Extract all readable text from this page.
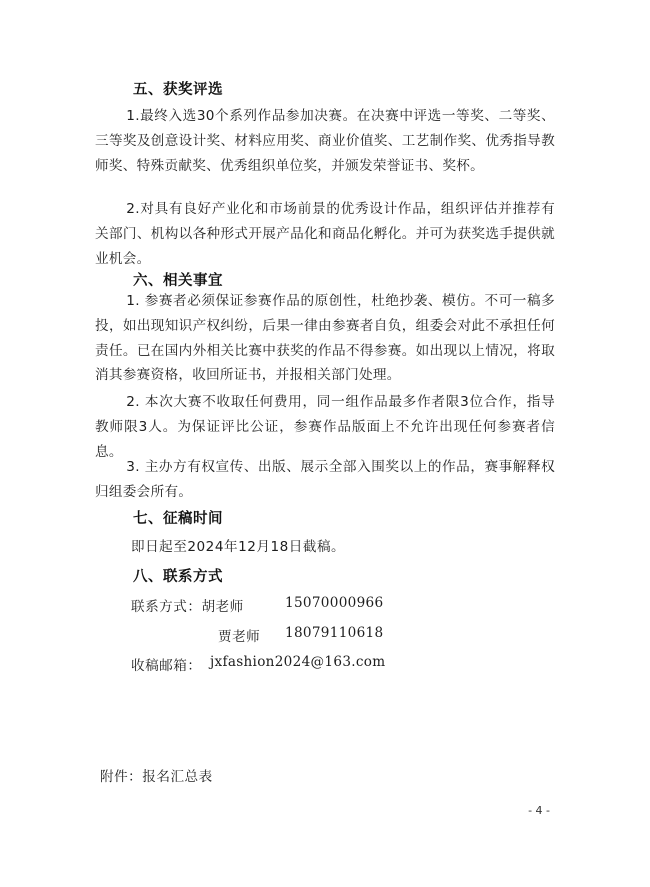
五、获奖评选
1.最终入选30个系列作品参加决赛。在决赛中评选一等奖、二等奖、三等奖及创意设计奖、材料应用奖、商业价值奖、工艺制作奖、优秀指导教师奖、特殊贡献奖、优秀组织单位奖，并颁发荣誉证书、奖杯。
2.对具有良好产业化和市场前景的优秀设计作品，组织评估并推荐有关部门、机构以各种形式开展产品化和商品化孵化。并可为获奖选手提供就业机会。
六、相关事宜
1. 参赛者必须保证参赛作品的原创性，杜绝抄袭、模仿。不可一稿多投，如出现知识产权纠纷，后果一律由参赛者自负，组委会对此不承担任何责任。已在国内外相关比赛中获奖的作品不得参赛。如出现以上情况，将取消其参赛资格，收回所证书，并报相关部门处理。
2. 本次大赛不收取任何费用，同一组作品最多作者限3位合作，指导教师限3人。为保证评比公证，参赛作品版面上不允许出现任何参赛者信息。
3. 主办方有权宣传、出版、展示全部入围奖以上的作品，赛事解释权归组委会所有。
七、征稿时间
即日起至2024年12月18日截稿。
八、联系方式
联系方式：胡老师	15070000966
贾老师 18079110618
收稿邮箱： jxfashion2024@163.com
附件：报名汇总表
- 4 -
